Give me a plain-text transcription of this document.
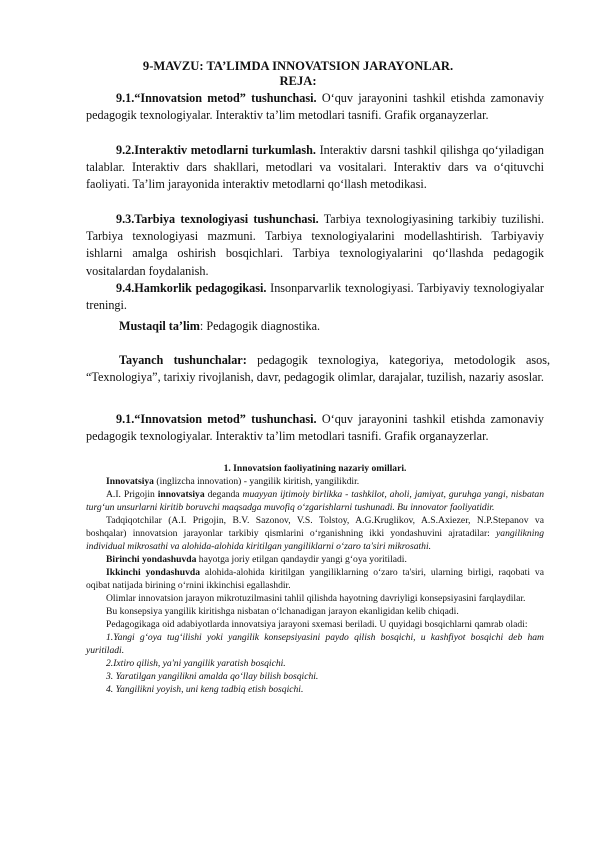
9-MAVZU: TA’LIMDA INNOVATSION JARAYONLAR.
REJA:
9.1.“Innovatsion metod” tushunchasi. O‘quv jarayonini tashkil etishda zamonaviy pedagogik texnologiyalar. Interaktiv ta’lim metodlari tasnifi. Grafik organayzerlar.
9.2.Interaktiv metodlarni turkumlash. Interaktiv darsni tashkil qilishga qo‘yiladigan talablar. Interaktiv dars shakllari, metodlari va vositalari. Interaktiv dars va o‘qituvchi faoliyati. Ta’lim jarayonida interaktiv metodlarni qo‘llash metodikasi.
9.3.Tarbiya texnologiyasi tushunchasi. Tarbiya texnologiyasining tarkibiy tuzilishi. Tarbiya texnologiyasi mazmuni. Tarbiya texnologiyalarini modellashtirish. Tarbiyaviy ishlarni amalga oshirish bosqichlari. Tarbiya texnologiyalarini qo‘llashda pedagogik vositalardan foydalanish.
9.4.Hamkorlik pedagogikasi. Insonparvarlik texnologiyasi. Tarbiyaviy texnologiyalar treningi.
Mustaqil ta’lim: Pedagogik diagnostika.
Tayanch tushunchalar: pedagogik texnologiya, kategoriya, metodologik asos, “Texnologiya”, tarixiy rivojlanish, davr, pedagogik olimlar, darajalar, tuzilish, nazariy asoslar.
9.1.“Innovatsion metod” tushunchasi. O‘quv jarayonini tashkil etishda zamonaviy pedagogik texnologiyalar. Interaktiv ta’lim metodlari tasnifi. Grafik organayzerlar.

1. Innovatsion faoliyatining nazariy omillari.

Innovatsiya (inglizcha innovation) - yangilik kiritish, yangilikdir.

A.I. Prigojin innovatsiya deganda muayyan ijtimoiy birlikka - tashkilot, aholi, jamiyat, guruhga yangi, nisbatan turg‘un unsurlarni kiritib boruvchi maqsadga muvofiq o‘zgarishlarni tushunadi. Bu innovator faoliyatidir.

Tadqiqotchilar (A.I. Prigojin, B.V. Sazonov, V.S. Tolstoy, A.G.Kruglikov, A.S.Axiezer, N.P.Stepanov va boshqalar) innovatsion jarayonlar tarkibiy qismlarini o‘rganishning ikki yondashuvini ajratadilar: yangilikning individual mikrosathi va alohida-alohida kiritilgan yangiliklarni o‘zaro ta'siri mikrosathi.

Birinchi yondashuvda hayotga joriy etilgan qandaydir yangi g‘oya yoritiladi.

Ikkinchi yondashuvda alohida-alohida kiritilgan yangiliklarning o‘zaro ta'siri, ularning birligi, raqobati va oqibat natijada birining o‘rnini ikkinchisi egallashdir.

Olimlar innovatsion jarayon mikrotuzilmasini tahlil qilishda hayotning davriyligi konsepsiyasini farqlaydilar.

Bu konsepsiya yangilik kiritishga nisbatan o‘lchanadigan jarayon ekanligidan kelib chiqadi.

Pedagogikaga oid adabiyotlarda innovatsiya jarayoni sxemasi beriladi. U quyidagi bosqichlarni qamrab oladi:

1.Yangi g‘oya tug‘ilishi yoki yangilik konsepsiyasini paydo qilish bosqichi, u kashfiyot bosqichi deb ham yuritiladi.

2.Ixtiro qilish, ya'ni yangilik yaratish bosqichi.

3. Yaratilgan yangilikni amalda qo‘llay bilish bosqichi.

4. Yangilikni yoyish, uni keng tadbiq etish bosqichi.
